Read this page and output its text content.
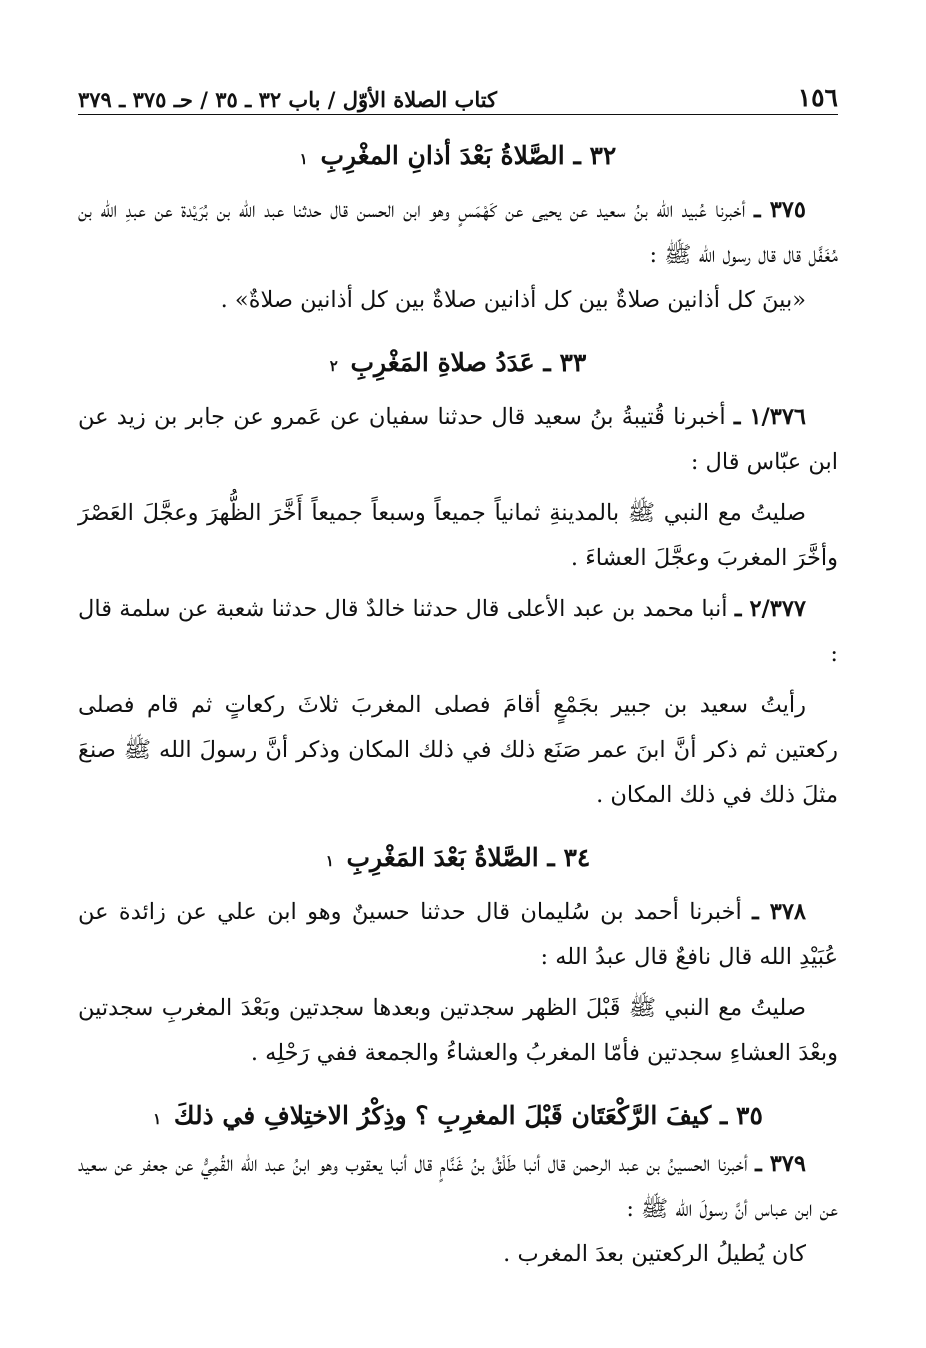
١٥٦
كتاب الصلاة الأوّل / باب ٣٢ ـ ٣٥ / حـ ٣٧٥ ـ ٣٧٩

٣٢ ـ الصَّلاةُ بَعْدَ أذانِ المغْرِبِ ١

٣٧٥ ـ أخبرنا عُبيد الله بنُ سعيد عن يحيى عن كَهْمَسٍ وهو ابن الحسن قال حدثنا عبد الله بن بُرَيْدة عن عبدِ الله بن مُغَفَّل قال قال رسول الله ﷺ :

«بينَ كل أذانين صلاةٌ بين كل أذانين صلاةٌ بين كل أذانين صلاةٌ» .

٣٣ ـ عَدَدُ صلاةِ المَغْرِبِ ٢

١/٣٧٦ ـ أخبرنا قُتيبةُ بنُ سعيد قال حدثنا سفيان عن عَمرو عن جابر بن زيد عن ابن عبّاس قال :

صليتُ مع النبي ﷺ بالمدينةِ ثمانياً جميعاً وسبعاً جميعاً أَخَّرَ الظُّهرَ وعجَّلَ العَصْرَ وأخَّرَ المغربَ وعجَّلَ العشاءَ .

٢/٣٧٧ ـ أنبا محمد بن عبد الأعلى قال حدثنا خالدٌ قال حدثنا شعبة عن سلمة قال :

رأيتُ سعيد بن جبير بجَمْعٍ أقامَ فصلى المغربَ ثلاثَ ركعاتٍ ثم قام فصلى ركعتين ثم ذكر أنَّ ابنَ عمر صَنَع ذلك في ذلك المكان وذكر أنَّ رسولَ الله ﷺ صنعَ مثلَ ذلك في ذلك المكان .

٣٤ ـ الصَّلاةُ بَعْدَ المَغْرِبِ ١

٣٧٨ ـ أخبرنا أحمد بن سُليمان قال حدثنا حسينٌ وهو ابن علي عن زائدة عن عُبَيْدِ الله قال نافعٌ قال عبدُ الله :

صليتُ مع النبي ﷺ قَبْلَ الظهر سجدتين وبعدها سجدتين وبَعْدَ المغربِ سجدتين وبعْدَ العشاءِ سجدتين فأمّا المغربُ والعشاءُ والجمعة ففي رَحْلِه .

٣٥ ـ كيفَ الرَّكْعَتَان قَبْلَ المغرِبِ ؟ وذِكْرُ الاختِلافِ في ذلكَ ١

٣٧٩ ـ أخبرنا الحسينُ بن عبد الرحمن قال أنبا طَلْقُ بنُ غَنَّامٍ قال أنبا يعقوب وهو ابنُ عبد الله القُمِيُّ عن جعفر عن سعيد عن ابن عباس أنَّ رسولَ الله ﷺ :

كان يُطيلُ الركعتين بعدَ المغرب .
